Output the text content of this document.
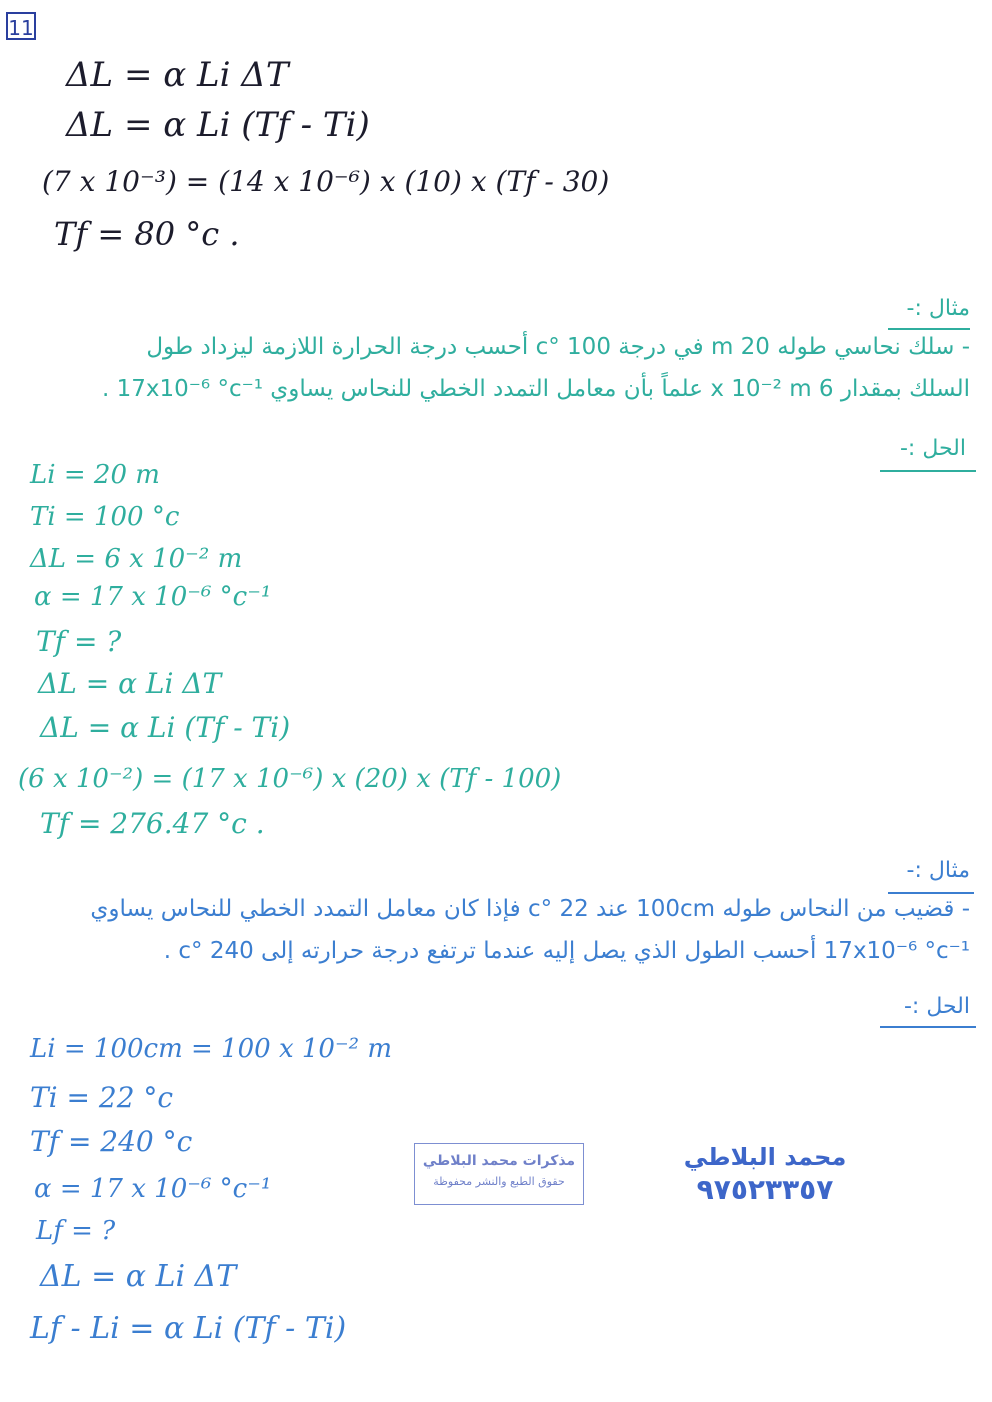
11
ΔL = α Li ΔT
ΔL = α Li (Tf - Ti)
(7 x 10⁻³) = (14 x 10⁻⁶) x (10) x (Tf - 30)
Tf = 80 °c .
مثال :-
- سلك نحاسي طوله 20 m في درجة 100 °c أحسب درجة الحرارة اللازمة ليزداد طول
السلك بمقدار 6 x 10⁻² m علماً بأن معامل التمدد الخطي للنحاس يساوي 17x10⁻⁶ °c⁻¹ .
الحل :-
Li = 20 m
Ti = 100 °c
ΔL = 6 x 10⁻² m
α = 17 x 10⁻⁶ °c⁻¹
Tf = ?
ΔL = α Li ΔT
ΔL = α Li (Tf - Ti)
(6 x 10⁻²) = (17 x 10⁻⁶) x (20) x (Tf - 100)
Tf = 276.47 °c .
مثال :-
- قضيب من النحاس طوله 100cm عند 22 °c فإذا كان معامل التمدد الخطي للنحاس يساوي
17x10⁻⁶ °c⁻¹ أحسب الطول الذي يصل إليه عندما ترتفع درجة حرارته إلى 240 °c .
الحل :-
Li = 100cm = 100 x 10⁻² m
Ti = 22 °c
Tf = 240 °c
α = 17 x 10⁻⁶ °c⁻¹
Lf = ?
ΔL = α Li ΔT
Lf - Li = α Li (Tf - Ti)
مذكرات محمد البلاطي
حقوق الطبع والنشر محفوظة
محمد البلاطي
٩٧٥٢٣٣٥٧
